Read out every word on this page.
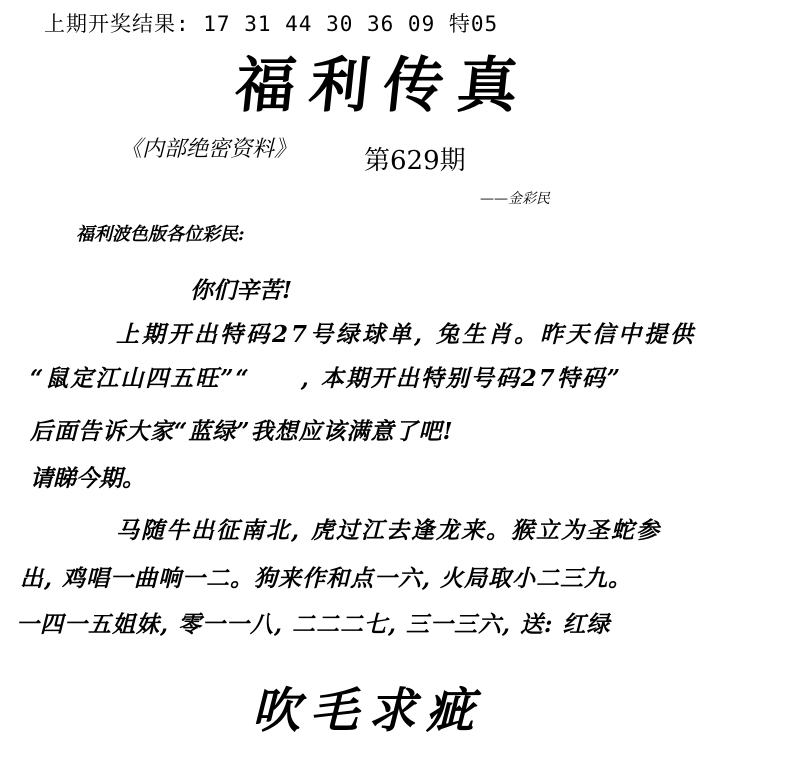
上期开奖结果: 17 31 44 30 36 09 特05
福利传真
《内部绝密资料》	第629期
——金彩民
福利波色版各位彩民:
你们辛苦!
上期开出特码27号绿球单, 兔生肖。昨天信中提供
“鼠定江山四五旺”“　　, 本期开出特别号码27特码”
后面告诉大家“蓝绿”我想应该满意了吧!
请睇今期。
马随牛出征南北, 虎过江去逢龙来。猴立为圣蛇参
出, 鸡唱一曲响一二。狗来作和点一六, 火局取小二三九。
一四一五姐妹, 零一一八, 二二二七, 三一三六, 送: 红绿
吹毛求疵
